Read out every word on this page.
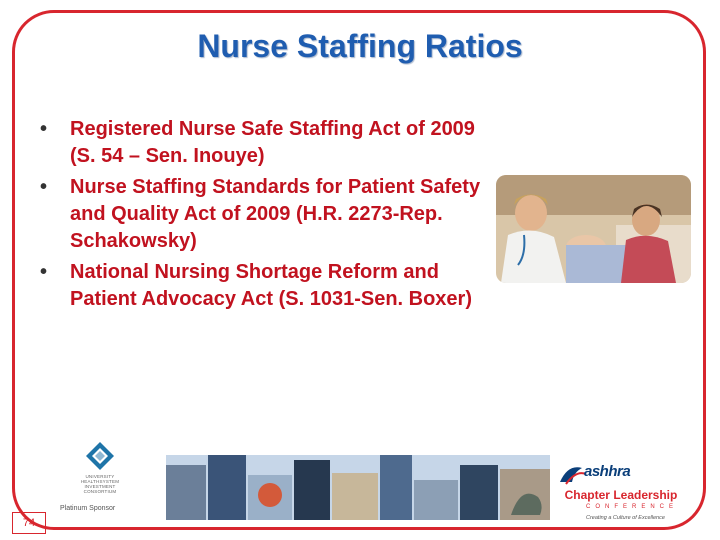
Nurse Staffing Ratios
• Registered Nurse Safe Staffing Act of 2009 (S. 54 – Sen. Inouye)
• Nurse Staffing Standards for Patient Safety and Quality Act of 2009 (H.R. 2273-Rep. Schakowsky)
• National Nursing Shortage Reform and Patient Advocacy Act (S. 1031-Sen. Boxer)
UNIVERSITY HEALTHSYSTEM INVESTMENT CONSORTIUM
Platinum Sponsor
74
ashhra
Chapter Leadership
CONFERENCE
Creating a Culture of Excellence
